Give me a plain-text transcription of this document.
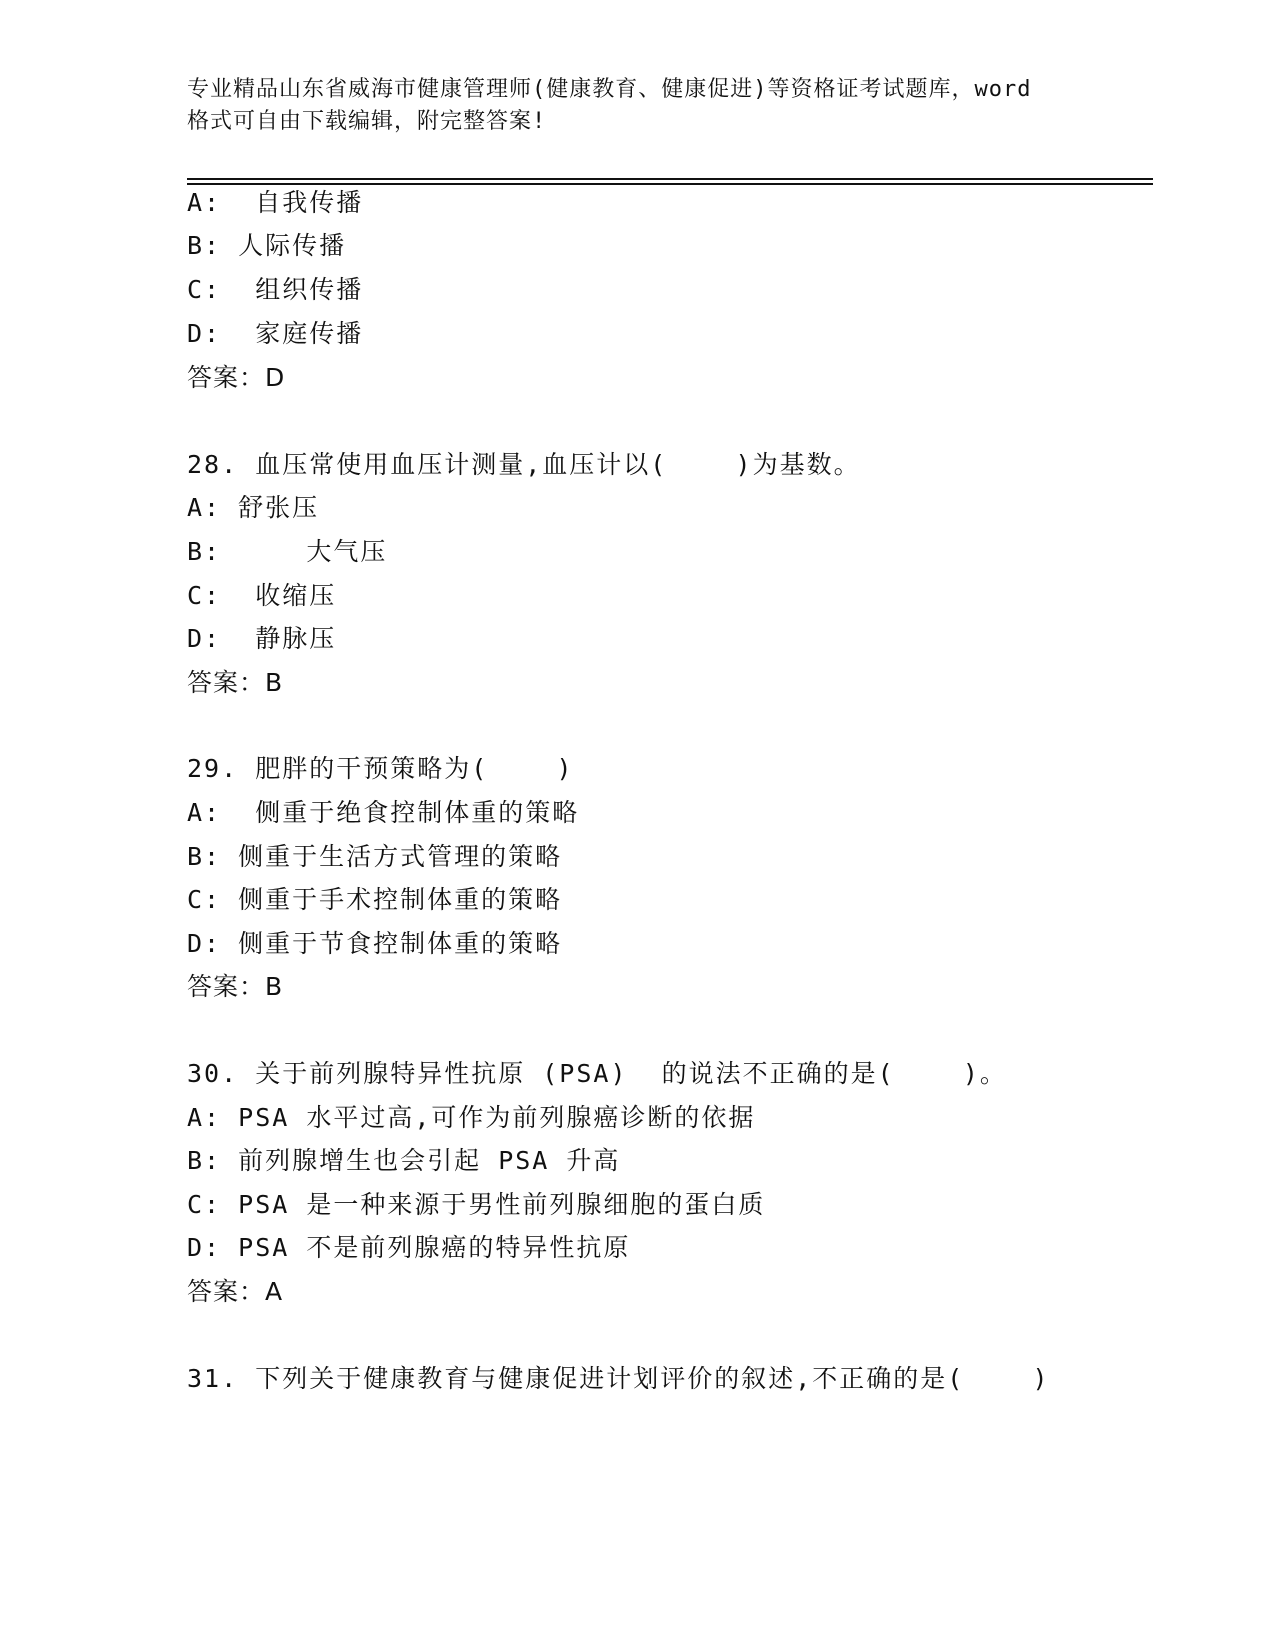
专业精品山东省威海市健康管理师(健康教育、健康促进)等资格证考试题库，word
格式可自由下载编辑，附完整答案!
A:  自我传播
B: 人际传播
C:  组织传播
D:  家庭传播
答案：D
28. 血压常使用血压计测量,血压计以(    )为基数。
A: 舒张压
B:     大气压
C:  收缩压
D:  静脉压
答案：B
29. 肥胖的干预策略为(    )
A:  侧重于绝食控制体重的策略
B: 侧重于生活方式管理的策略
C: 侧重于手术控制体重的策略
D: 侧重于节食控制体重的策略
答案：B
30. 关于前列腺特异性抗原 (PSA)  的说法不正确的是(    )。
A: PSA 水平过高,可作为前列腺癌诊断的依据
B: 前列腺增生也会引起 PSA 升高
C: PSA 是一种来源于男性前列腺细胞的蛋白质
D: PSA 不是前列腺癌的特异性抗原
答案：A
31. 下列关于健康教育与健康促进计划评价的叙述,不正确的是(    )
